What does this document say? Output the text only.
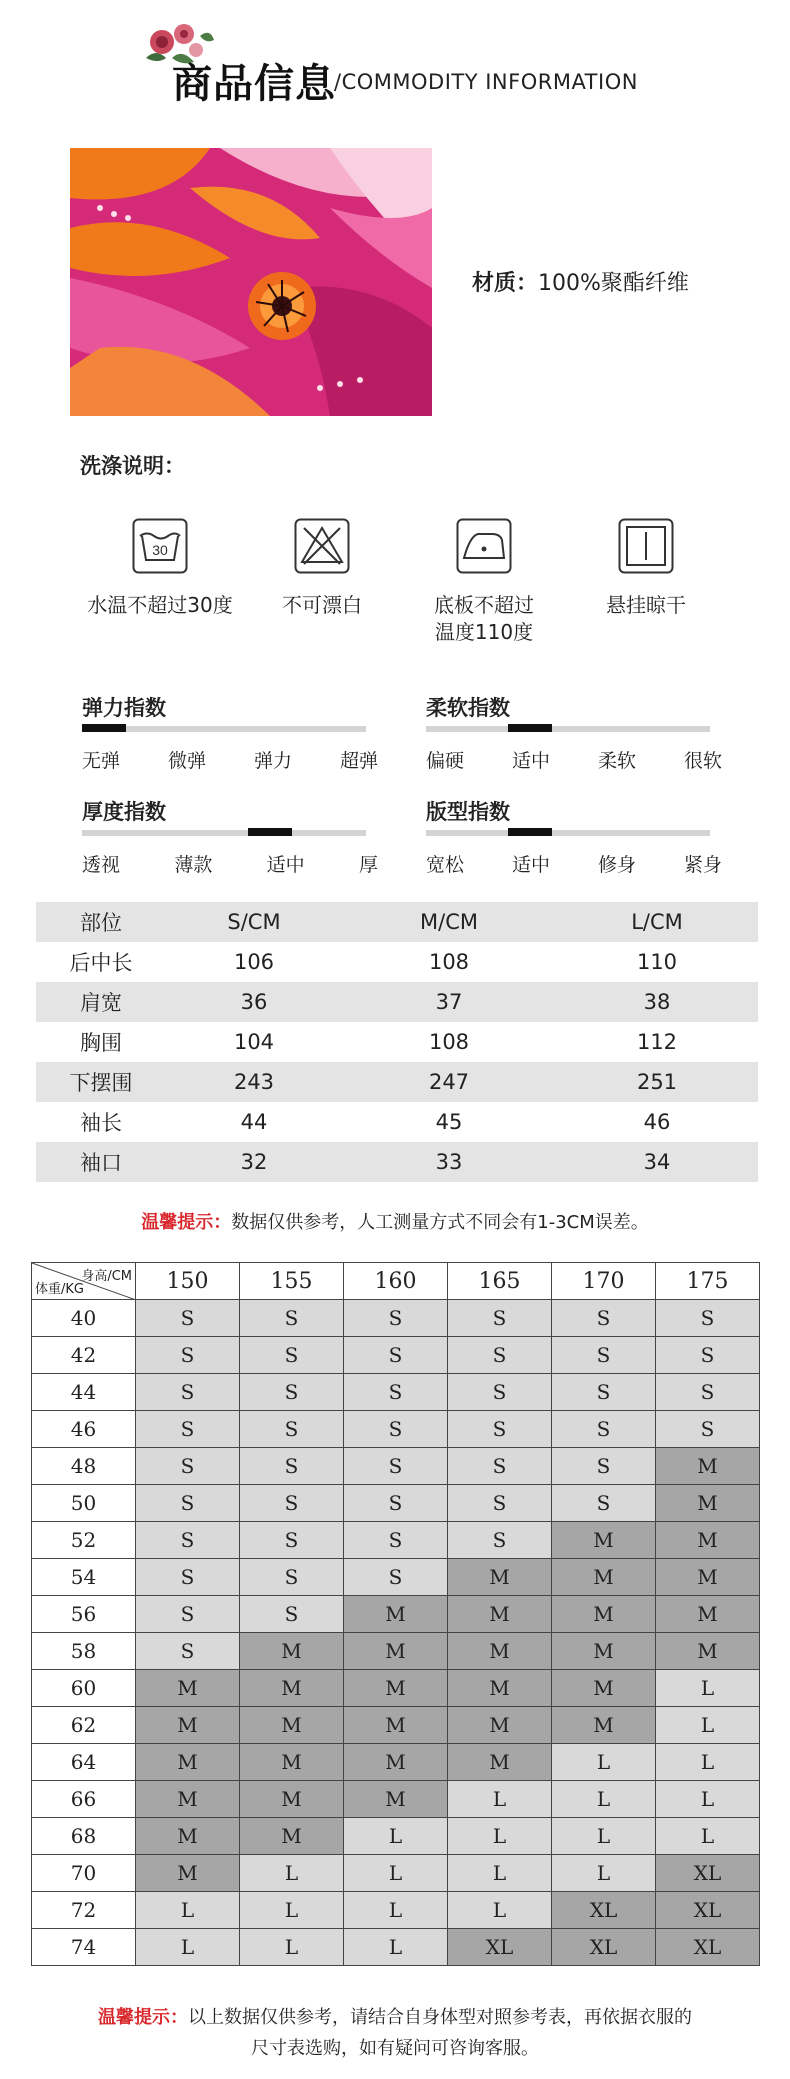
商品信息
/COMMODITY INFORMATION
材质：100%聚酯纤维
洗涤说明：
30
水温不超过30度	不可漂白	底板不超过
温度110度
悬挂晾干
弹力指数
无弹	微弹	弹力	超弹
柔软指数
偏硬	适中	柔软	很软
厚度指数
透视	薄款	适中	厚
版型指数
宽松	适中	修身	紧身
部位	S/CM	M/CM	L/CM
后中长	106	108	110
肩宽	36	37	38
胸围	104	108	112
下摆围	243	247	251
袖长	44	45	46
袖口	32	33	34
温馨提示：数据仅供参考，人工测量方式不同会有1-3CM误差。
身高/CM
体重/KG	150	155	160	165	170	175
40	S	S	S	S	S	S
42	S	S	S	S	S	S
44	S	S	S	S	S	S
46	S	S	S	S	S	S
48	S	S	S	S	S	M
50	S	S	S	S	S	M
52	S	S	S	S	M	M
54	S	S	S	M	M	M
56	S	S	M	M	M	M
58	S	M	M	M	M	M
60	M	M	M	M	M	L
62	M	M	M	M	M	L
64	M	M	M	M	L	L
66	M	M	M	L	L	L
68	M	M	L	L	L	L
70	M	L	L	L	L	XL
72	L	L	L	L	XL	XL
74	L	L	L	XL	XL	XL
温馨提示：以上数据仅供参考，请结合自身体型对照参考表，再依据衣服的
尺寸表选购，如有疑问可咨询客服。
